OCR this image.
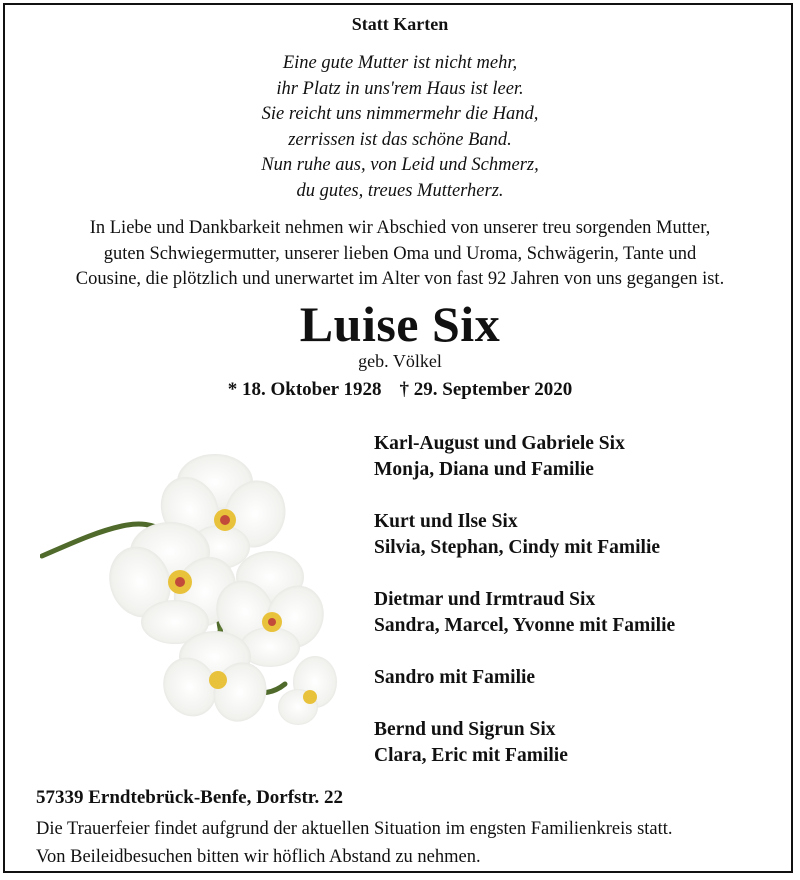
Statt Karten
Eine gute Mutter ist nicht mehr,
ihr Platz in uns'rem Haus ist leer.
Sie reicht uns nimmermehr die Hand,
zerrissen ist das schöne Band.
Nun ruhe aus, von Leid und Schmerz,
du gutes, treues Mutterherz.
In Liebe und Dankbarkeit nehmen wir Abschied von unserer treu sorgenden Mutter,
guten Schwiegermutter, unserer lieben Oma und Uroma, Schwägerin, Tante und
Cousine, die plötzlich und unerwartet im Alter von fast 92 Jahren von uns gegangen ist.
Luise Six
geb. Völkel
* 18. Oktober 1928 † 29. September 2020
Karl-August und Gabriele Six
Monja, Diana und Familie
Kurt und Ilse Six
Silvia, Stephan, Cindy mit Familie
Dietmar und Irmtraud Six
Sandra, Marcel, Yvonne mit Familie
Sandro mit Familie
Bernd und Sigrun Six
Clara, Eric mit Familie
57339 Erndtebrück-Benfe, Dorfstr. 22
Die Trauerfeier findet aufgrund der aktuellen Situation im engsten Familienkreis statt.
Von Beileidbesuchen bitten wir höflich Abstand zu nehmen.
